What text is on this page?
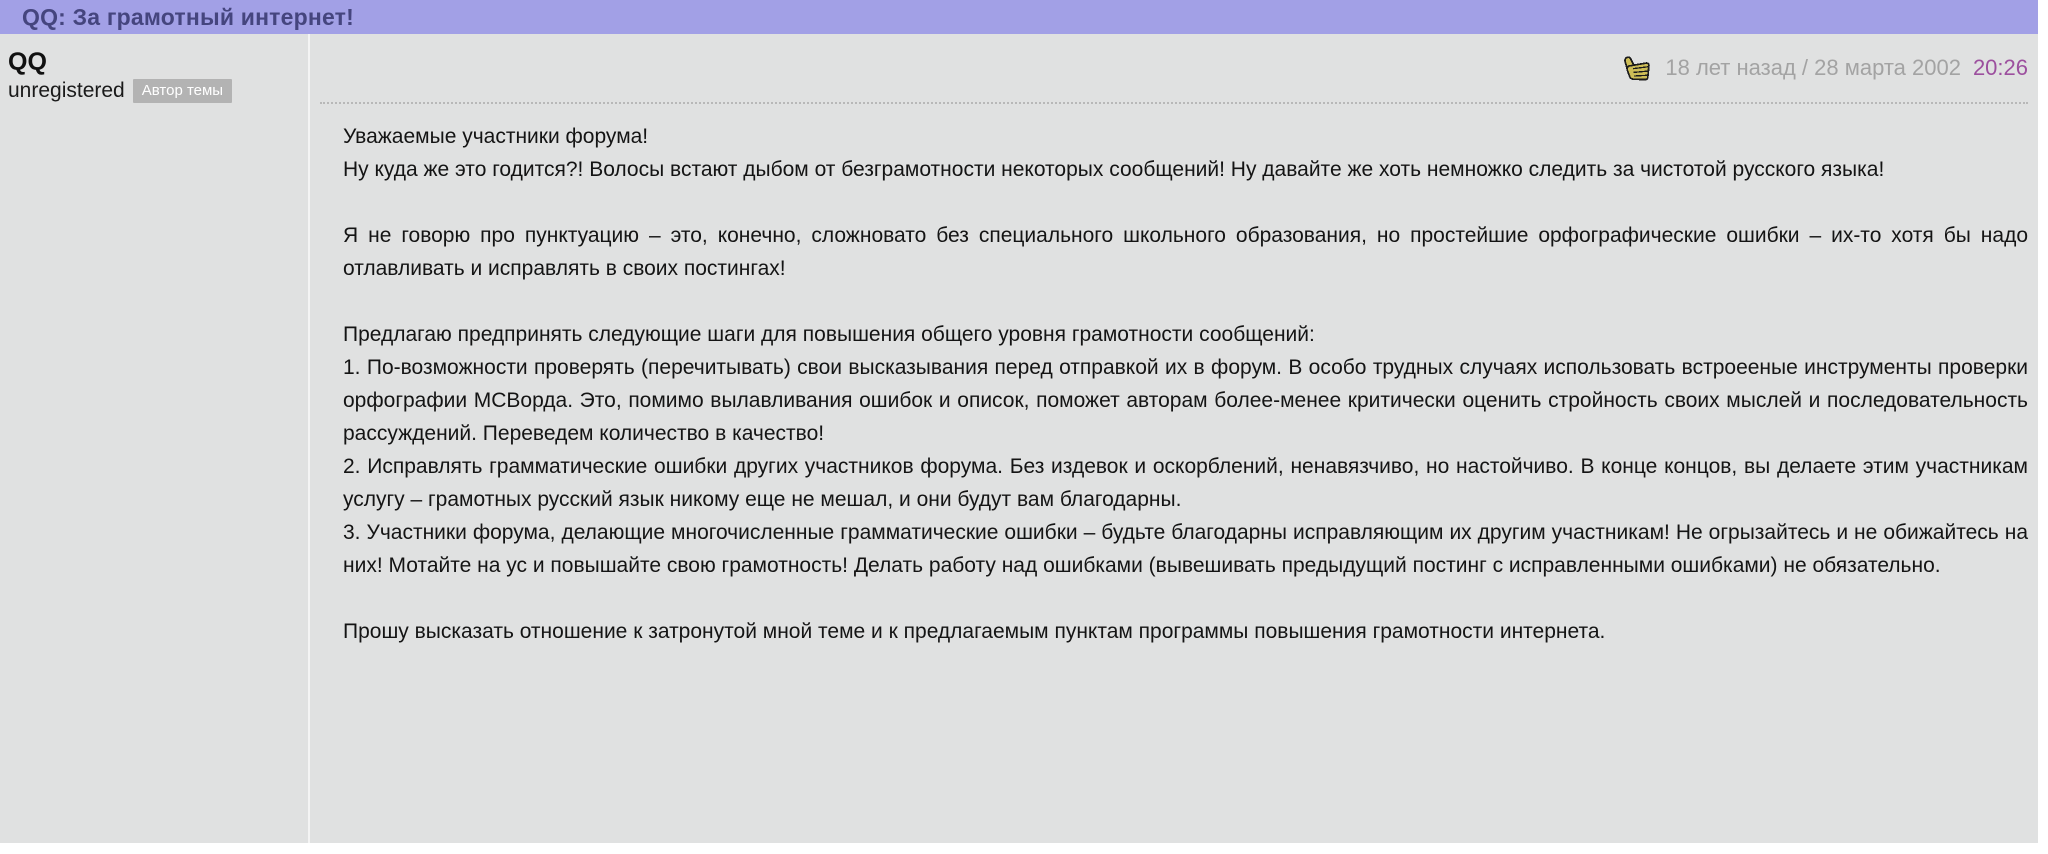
QQ: За грамотный интернет!
QQ
unregistered	Автор темы
18 лет назад / 28 марта 2002 20:26
Уважаемые участники форума!
Ну куда же это годится?! Волосы встают дыбом от безграмотности некоторых сообщений! Ну давайте же хоть немножко следить за чистотой русского языка!

Я не говорю про пунктуацию – это, конечно, сложновато без специального школьного образования, но простейшие орфографические ошибки – их-то хотя бы надо отлавливать и исправлять в своих постингах!

Предлагаю предпринять следующие шаги для повышения общего уровня грамотности сообщений:
1. По-возможности проверять (перечитывать) свои высказывания перед отправкой их в форум. В особо трудных случаях использовать встроееные инструменты проверки орфографии МСВорда. Это, помимо вылавливания ошибок и описок, поможет авторам более-менее критически оценить стройность своих мыслей и последовательность рассуждений. Переведем количество в качество!
2. Исправлять грамматические ошибки других участников форума. Без издевок и оскорблений, ненавязчиво, но настойчиво. В конце концов, вы делаете этим участникам услугу – грамотных русский язык никому еще не мешал, и они будут вам благодарны.
3. Участники форума, делающие многочисленные грамматические ошибки – будьте благодарны исправляющим их другим участникам! Не огрызайтесь и не обижайтесь на них! Мотайте на ус и повышайте свою грамотность! Делать работу над ошибками (вывешивать предыдущий постинг с исправленными ошибками) не обязательно.

Прошу высказать отношение к затронутой мной теме и к предлагаемым пунктам программы повышения грамотности интернета.
